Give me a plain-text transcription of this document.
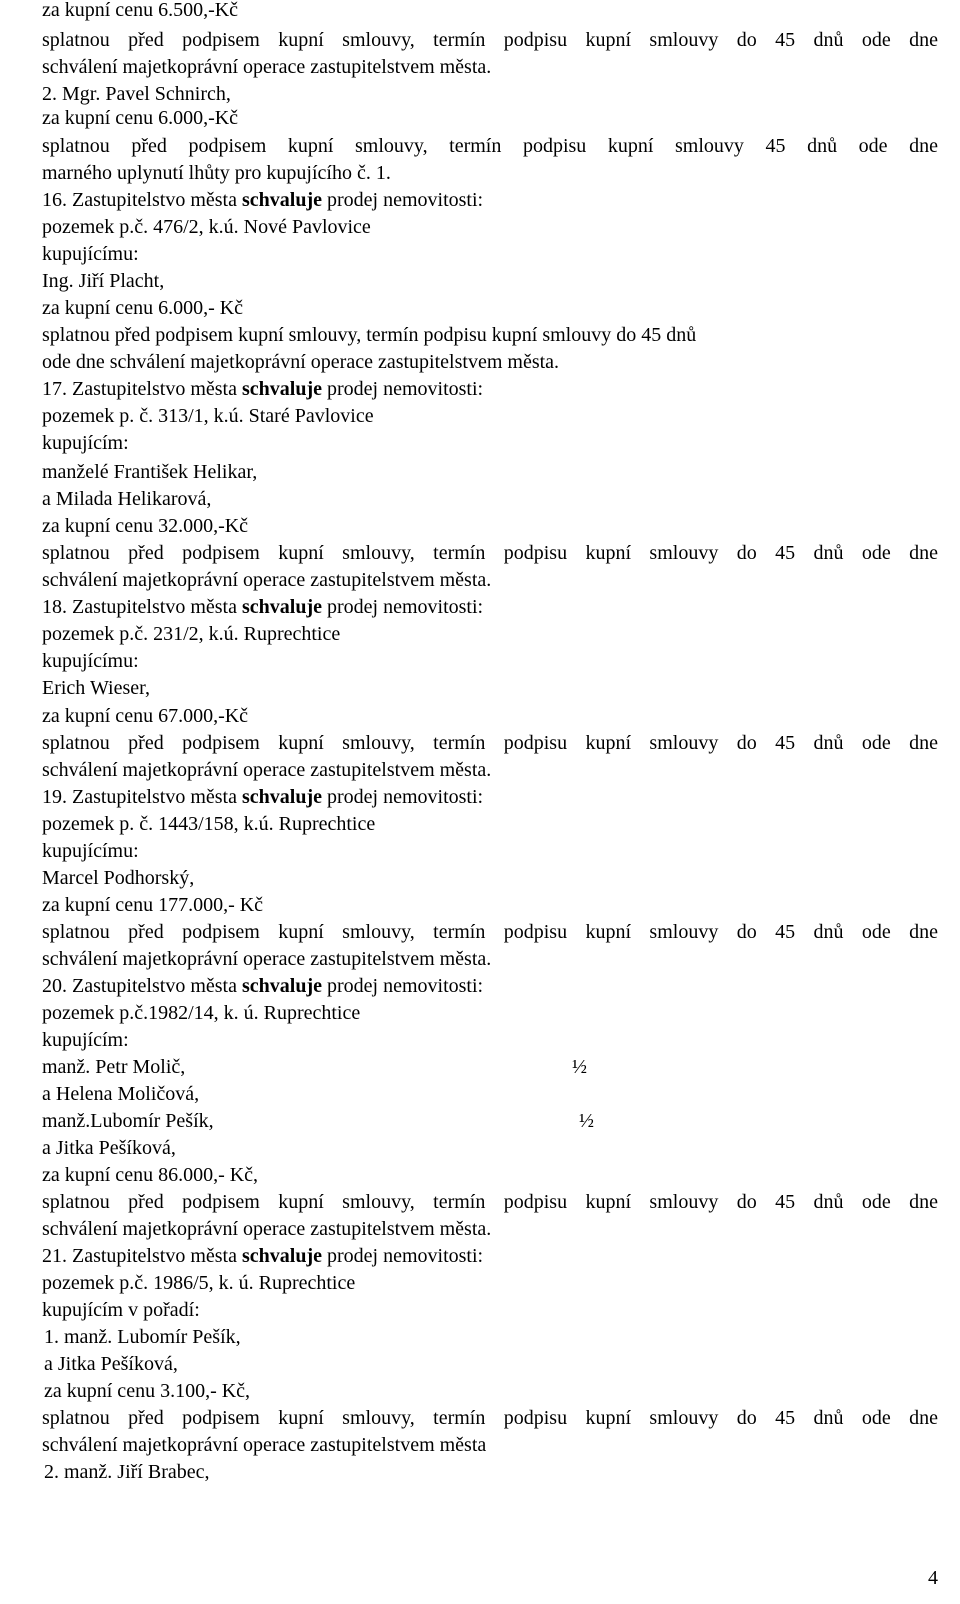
za kupní cenu 6.500,-Kč
splatnou před podpisem kupní smlouvy, termín podpisu kupní smlouvy do 45 dnů ode dne
schválení majetkoprávní operace zastupitelstvem města.
2. Mgr. Pavel Schnirch,
za kupní cenu 6.000,-Kč
splatnou před podpisem kupní smlouvy, termín podpisu kupní smlouvy 45 dnů ode dne
marného uplynutí lhůty pro kupujícího č. 1.
16. Zastupitelstvo města schvaluje prodej nemovitosti:
pozemek p.č. 476/2, k.ú. Nové Pavlovice
kupujícímu:
Ing. Jiří Placht,
za kupní cenu 6.000,- Kč
splatnou před podpisem kupní smlouvy, termín podpisu kupní smlouvy do 45 dnů
ode dne schválení majetkoprávní operace zastupitelstvem města.
17. Zastupitelstvo města schvaluje prodej nemovitosti:
pozemek p. č. 313/1, k.ú. Staré Pavlovice
kupujícím:
manželé František Helikar,
a Milada Helikarová,
za kupní cenu 32.000,-Kč
splatnou před podpisem kupní smlouvy, termín podpisu kupní smlouvy do 45 dnů ode dne
schválení majetkoprávní operace zastupitelstvem města.
18. Zastupitelstvo města schvaluje prodej nemovitosti:
pozemek p.č. 231/2, k.ú. Ruprechtice
kupujícímu:
Erich Wieser,
za kupní cenu 67.000,-Kč
splatnou před podpisem kupní smlouvy, termín podpisu kupní smlouvy do 45 dnů ode dne
schválení majetkoprávní operace zastupitelstvem města.
19. Zastupitelstvo města schvaluje prodej nemovitosti:
pozemek p. č. 1443/158, k.ú. Ruprechtice
kupujícímu:
Marcel Podhorský,
za kupní cenu 177.000,- Kč
splatnou před podpisem kupní smlouvy, termín podpisu kupní smlouvy do 45 dnů ode dne
schválení majetkoprávní operace zastupitelstvem města.
20. Zastupitelstvo města schvaluje prodej nemovitosti:
pozemek p.č.1982/14, k. ú. Ruprechtice
kupujícím:
manž. Petr Molič,	½
a Helena Moličová,
manž.Lubomír Pešík,	½
a Jitka Pešíková,
za kupní cenu 86.000,- Kč,
splatnou před podpisem kupní smlouvy, termín podpisu kupní smlouvy do 45 dnů ode dne
schválení majetkoprávní operace zastupitelstvem města.
21. Zastupitelstvo města schvaluje prodej nemovitosti:
pozemek p.č. 1986/5, k. ú. Ruprechtice
kupujícím v pořadí:
1. manž. Lubomír Pešík,
a Jitka Pešíková,
za kupní cenu 3.100,- Kč,
splatnou před podpisem kupní smlouvy, termín podpisu kupní smlouvy do 45 dnů ode dne
schválení majetkoprávní operace zastupitelstvem města
2. manž. Jiří Brabec,
4
